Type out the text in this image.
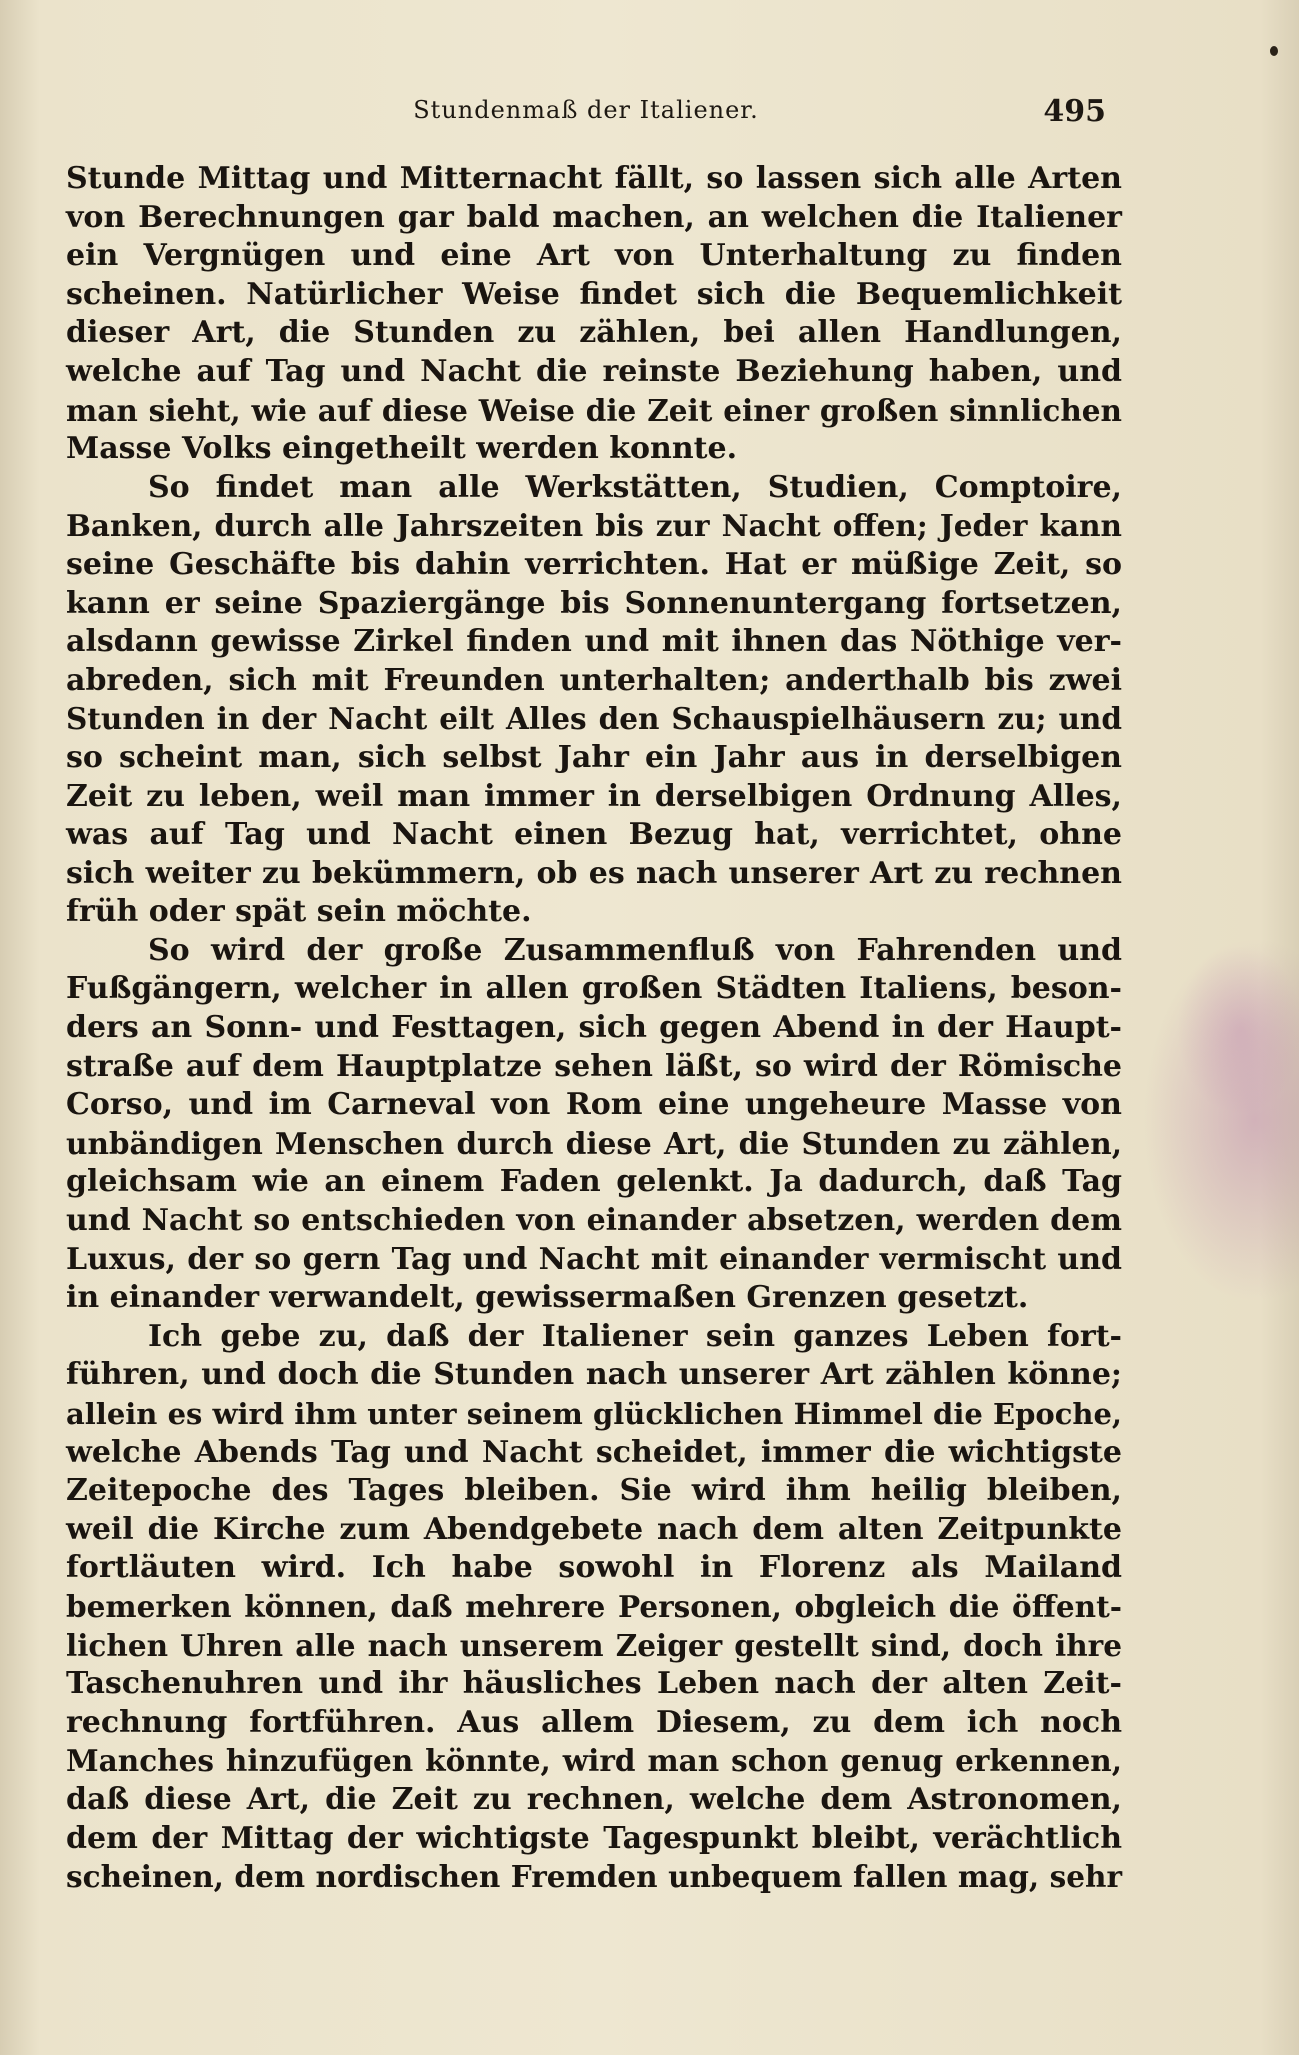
Stundenmaß der Italiener.	495
Stunde Mittag und Mitternacht fällt, so lassen sich alle Arten
von Berechnungen gar bald machen, an welchen die Italiener
ein Vergnügen und eine Art von Unterhaltung zu finden
scheinen. Natürlicher Weise findet sich die Bequemlichkeit
dieser Art, die Stunden zu zählen, bei allen Handlungen,
welche auf Tag und Nacht die reinste Beziehung haben, und
man sieht, wie auf diese Weise die Zeit einer großen sinnlichen
Masse Volks eingetheilt werden konnte.
So findet man alle Werkstätten, Studien, Comptoire,
Banken, durch alle Jahrszeiten bis zur Nacht offen; Jeder kann
seine Geschäfte bis dahin verrichten. Hat er müßige Zeit, so
kann er seine Spaziergänge bis Sonnenuntergang fortsetzen,
alsdann gewisse Zirkel finden und mit ihnen das Nöthige ver-
abreden, sich mit Freunden unterhalten; anderthalb bis zwei
Stunden in der Nacht eilt Alles den Schauspielhäusern zu; und
so scheint man, sich selbst Jahr ein Jahr aus in derselbigen
Zeit zu leben, weil man immer in derselbigen Ordnung Alles,
was auf Tag und Nacht einen Bezug hat, verrichtet, ohne
sich weiter zu bekümmern, ob es nach unserer Art zu rechnen
früh oder spät sein möchte.
So wird der große Zusammenfluß von Fahrenden und
Fußgängern, welcher in allen großen Städten Italiens, beson-
ders an Sonn- und Festtagen, sich gegen Abend in der Haupt-
straße auf dem Hauptplatze sehen läßt, so wird der Römische
Corso, und im Carneval von Rom eine ungeheure Masse von
unbändigen Menschen durch diese Art, die Stunden zu zählen,
gleichsam wie an einem Faden gelenkt. Ja dadurch, daß Tag
und Nacht so entschieden von einander absetzen, werden dem
Luxus, der so gern Tag und Nacht mit einander vermischt und
in einander verwandelt, gewissermaßen Grenzen gesetzt.
Ich gebe zu, daß der Italiener sein ganzes Leben fort-
führen, und doch die Stunden nach unserer Art zählen könne;
allein es wird ihm unter seinem glücklichen Himmel die Epoche,
welche Abends Tag und Nacht scheidet, immer die wichtigste
Zeitepoche des Tages bleiben. Sie wird ihm heilig bleiben,
weil die Kirche zum Abendgebete nach dem alten Zeitpunkte
fortläuten wird. Ich habe sowohl in Florenz als Mailand
bemerken können, daß mehrere Personen, obgleich die öffent-
lichen Uhren alle nach unserem Zeiger gestellt sind, doch ihre
Taschenuhren und ihr häusliches Leben nach der alten Zeit-
rechnung fortführen. Aus allem Diesem, zu dem ich noch
Manches hinzufügen könnte, wird man schon genug erkennen,
daß diese Art, die Zeit zu rechnen, welche dem Astronomen,
dem der Mittag der wichtigste Tagespunkt bleibt, verächtlich
scheinen, dem nordischen Fremden unbequem fallen mag, sehr
